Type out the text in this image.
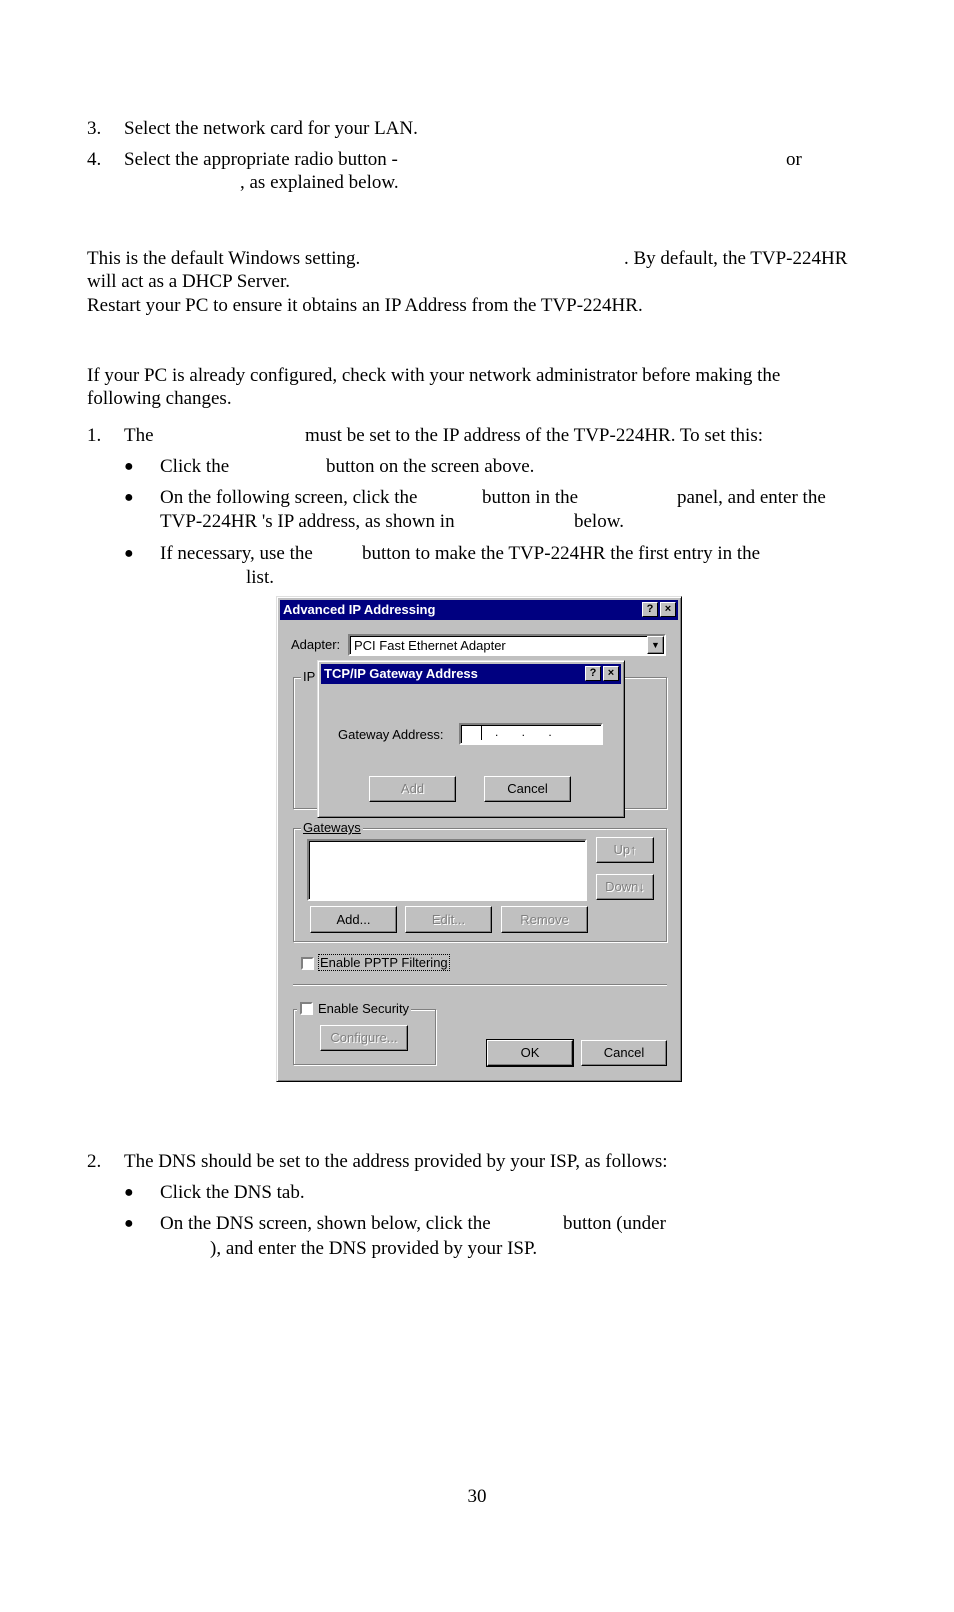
3. Select the network card for your LAN.
4. Select the appropriate radio button -	or
, as explained below.
This is the default Windows setting.	. By default, the TVP-224HR
will act as a DHCP Server.
Restart your PC to ensure it obtains an IP Address from the TVP-224HR.
If your PC is already configured, check with your network administrator before making the
following changes.
1. The	must be set to the IP address of the TVP-224HR. To set this:
● Click the	button on the screen above.
● On the following screen, click the	button in the	panel, and enter the
TVP-224HR 's IP address, as shown in	below.
● If necessary, use the	button to make the TVP-224HR the first entry in the
list.
Advanced IP Addressing	?	×
Adapter: PCI Fast Ethernet Adapter	▼
IP
Gateways
Up↑
Down↓
Add...	Edit...	Remove
Enable PPTP Filtering
Enable Security
Configure...
OK	Cancel
TCP/IP Gateway Address	?	×
Gateway Address:	.       .       .
Add	Cancel
2. The DNS should be set to the address provided by your ISP, as follows:
● Click the DNS tab.
● On the DNS screen, shown below, click the	button (under
), and enter the DNS provided by your ISP.
30
